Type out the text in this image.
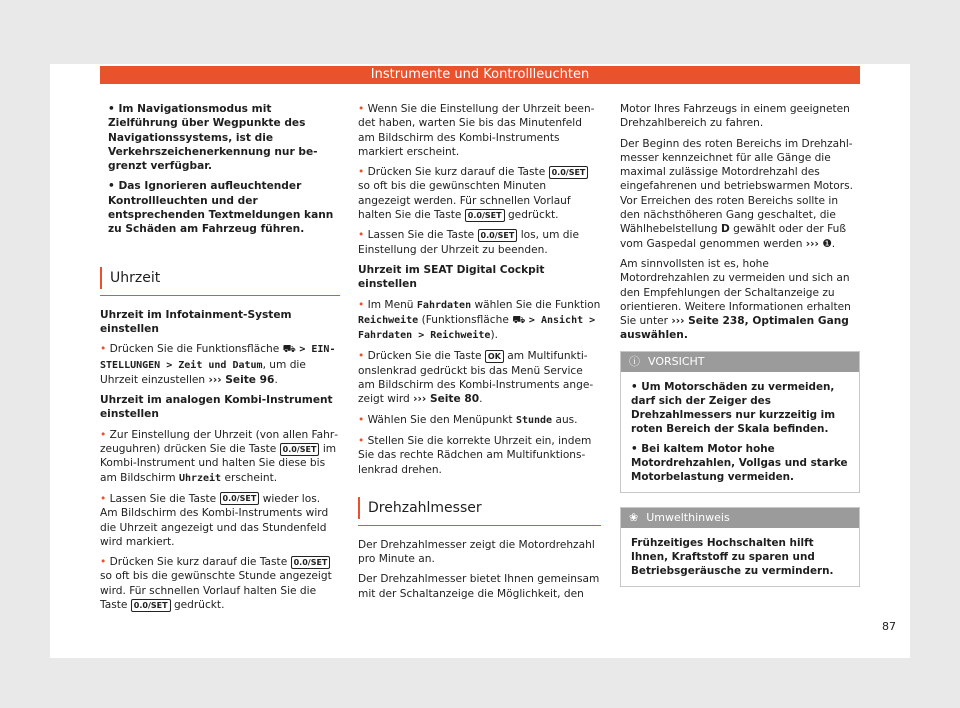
Instrumente und Kontrollleuchten

• Im Navigationsmodus mit Zielführung über Wegpunkte des Navigationssystems, ist die Verkehrszeichenerkennung nur begrenzt verfügbar.

• Das Ignorieren aufleuchtender Kontrollleuchten und der entsprechenden Textmeldungen kann zu Schäden am Fahrzeug führen.

Uhrzeit

Uhrzeit im Infotainment-System einstellen

• Drücken Sie die Funktionsfläche ⛟ > EINSTELLUNGEN > Zeit und Datum, um die Uhrzeit einzustellen ››› Seite 96.

Uhrzeit im analogen Kombi-Instrument einstellen

• Zur Einstellung der Uhrzeit (von allen Fahrzeuguhren) drücken Sie die Taste 0.0/SET im Kombi-Instrument und halten Sie diese bis am Bildschirm Uhrzeit erscheint.

• Lassen Sie die Taste 0.0/SET wieder los. Am Bildschirm des Kombi-Instruments wird die Uhrzeit angezeigt und das Stundenfeld wird markiert.

• Drücken Sie kurz darauf die Taste 0.0/SET so oft bis die gewünschte Stunde angezeigt wird. Für schnellen Vorlauf halten Sie die Taste 0.0/SET gedrückt.

• Wenn Sie die Einstellung der Uhrzeit beendet haben, warten Sie bis das Minutenfeld am Bildschirm des Kombi-Instruments markiert erscheint.

• Drücken Sie kurz darauf die Taste 0.0/SET so oft bis die gewünschten Minuten angezeigt werden. Für schnellen Vorlauf halten Sie die Taste 0.0/SET gedrückt.

• Lassen Sie die Taste 0.0/SET los, um die Einstellung der Uhrzeit zu beenden.

Uhrzeit im SEAT Digital Cockpit einstellen

• Im Menü Fahrdaten wählen Sie die Funktion Reichweite (Funktionsfläche ⛟ > Ansicht > Fahrdaten > Reichweite).

• Drücken Sie die Taste OK am Multifunktionslenkrad gedrückt bis das Menü Service am Bildschirm des Kombi-Instruments angezeigt wird ››› Seite 80.

• Wählen Sie den Menüpunkt Stunde aus.

• Stellen Sie die korrekte Uhrzeit ein, indem Sie das rechte Rädchen am Multifunktionslenkrad drehen.

Drehzahlmesser

Der Drehzahlmesser zeigt die Motordrehzahl pro Minute an.

Der Drehzahlmesser bietet Ihnen gemeinsam mit der Schaltanzeige die Möglichkeit, den

Motor Ihres Fahrzeugs in einem geeigneten Drehzahlbereich zu fahren.

Der Beginn des roten Bereichs im Drehzahlmesser kennzeichnet für alle Gänge die maximal zulässige Motordrehzahl des eingefahrenen und betriebswarmen Motors. Vor Erreichen des roten Bereichs sollte in den nächsthöheren Gang geschaltet, die Wählhebelstellung D gewählt oder der Fuß vom Gaspedal genommen werden ››› ❶.

Am sinnvollsten ist es, hohe Motordrehzahlen zu vermeiden und sich an den Empfehlungen der Schaltanzeige zu orientieren. Weitere Informationen erhalten Sie unter ››› Seite 238, Optimalen Gang auswählen.

ⓘ VORSICHT

• Um Motorschäden zu vermeiden, darf sich der Zeiger des Drehzahlmessers nur kurzzeitig im roten Bereich der Skala befinden.

• Bei kaltem Motor hohe Motordrehzahlen, Vollgas und starke Motorbelastung vermeiden.

❀ Umwelthinweis
Frühzeitiges Hochschalten hilft Ihnen, Kraftstoff zu sparen und Betriebsgeräusche zu vermindern.
87
